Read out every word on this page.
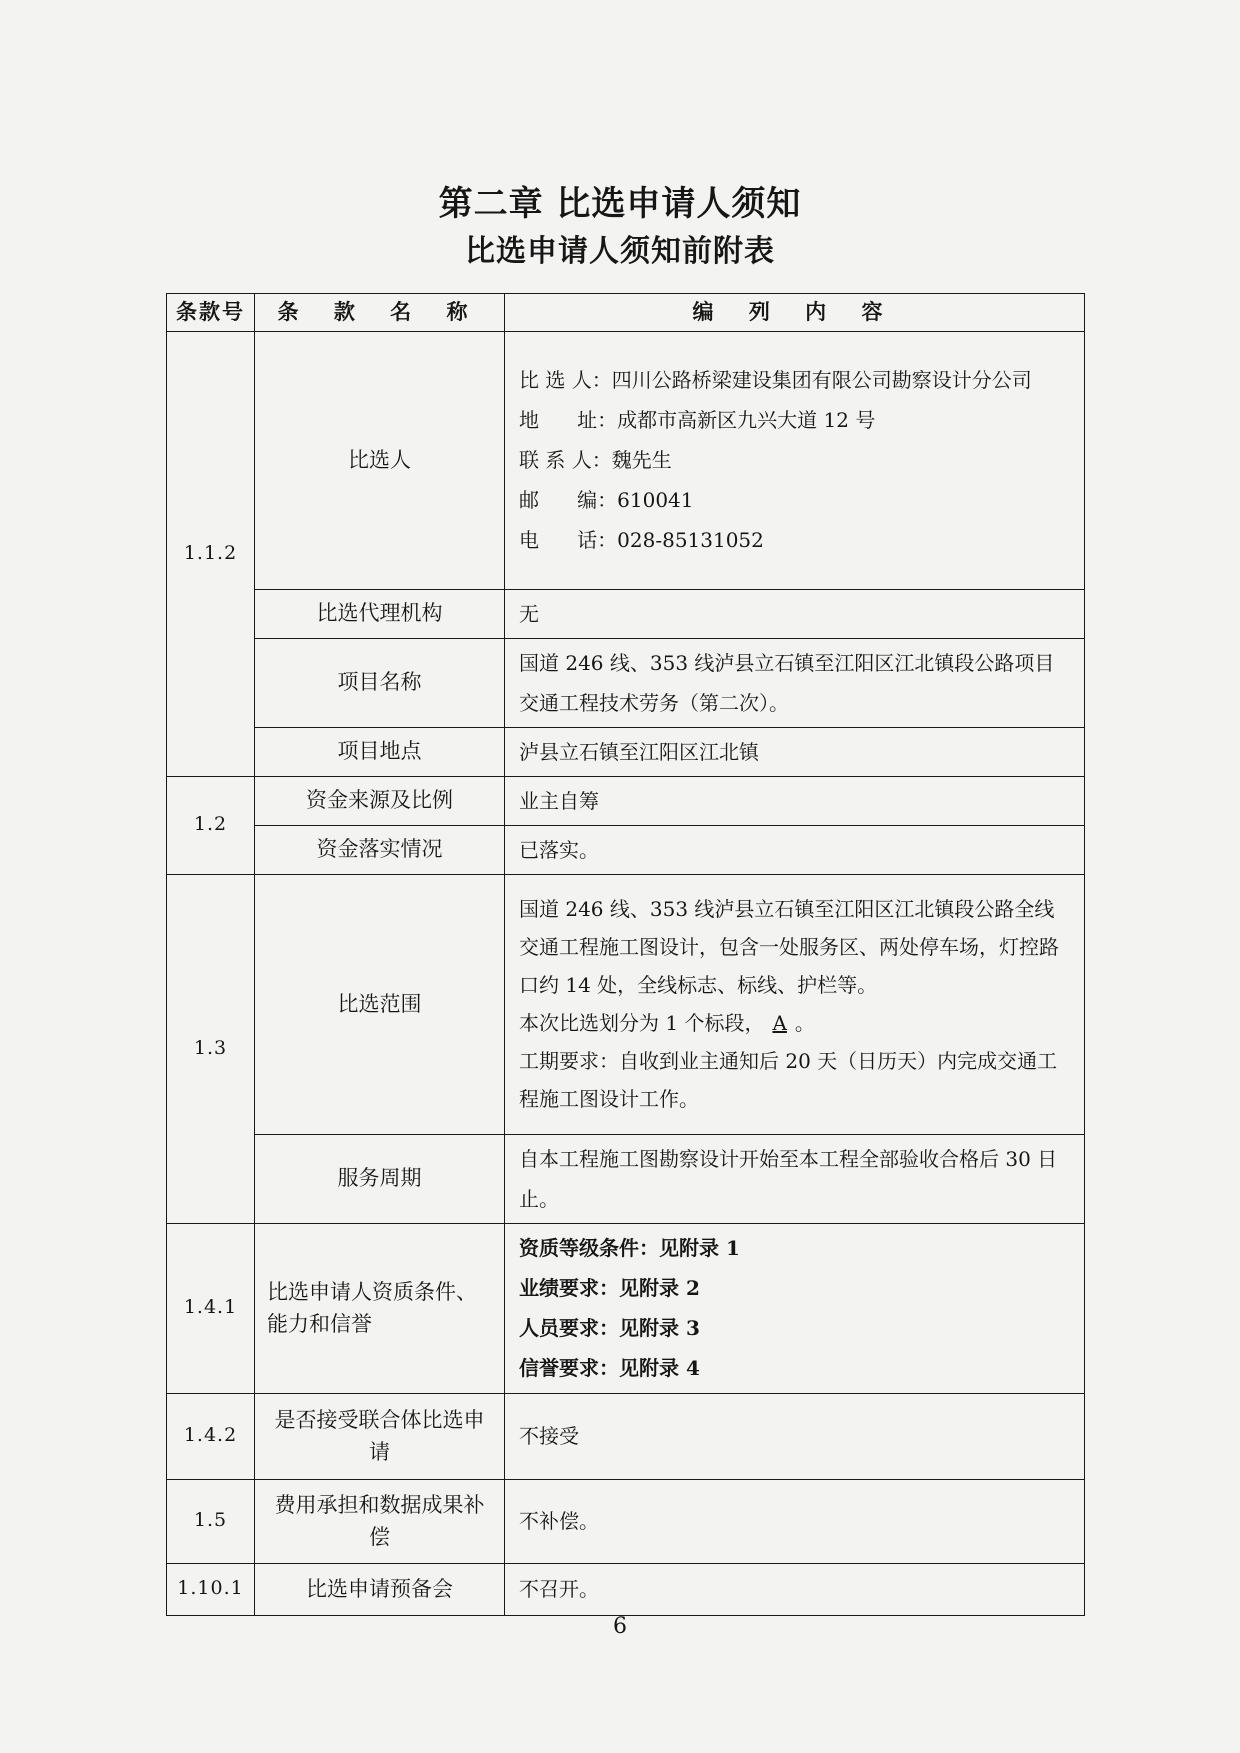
第二章 比选申请人须知
比选申请人须知前附表
条款号	条 款 名 称	编 列 内 容
1.1.2	比选人	比 选 人：四川公路桥梁建设集团有限公司勘察设计分公司
地      址：成都市高新区九兴大道 12 号
联 系 人：魏先生
邮      编：610041
电      话：028-85131052

	比选代理机构	无
	项目名称	国道 246 线、353 线泸县立石镇至江阳区江北镇段公路项目交通工程技术劳务（第二次）。
	项目地点	泸县立石镇至江阳区江北镇
1.2	资金来源及比例	业主自筹
	资金落实情况	已落实。
1.3	比选范围	国道 246 线、353 线泸县立石镇至江阳区江北镇段公路全线交通工程施工图设计，包含一处服务区、两处停车场，灯控路口约 14 处，全线标志、标线、护栏等。
本次比选划分为 1 个标段， A 。
工期要求：自收到业主通知后 20 天（日历天）内完成交通工程施工图设计工作。

	服务周期	自本工程施工图勘察设计开始至本工程全部验收合格后 30 日止。
1.4.1	比选申请人资质条件、能力和信誉	资质等级条件：见附录 1
业绩要求：见附录 2
人员要求：见附录 3
信誉要求：见附录 4

1.4.2	是否接受联合体比选申请	不接受
1.5	费用承担和数据成果补偿	不补偿。
1.10.1	比选申请预备会	不召开。
6
